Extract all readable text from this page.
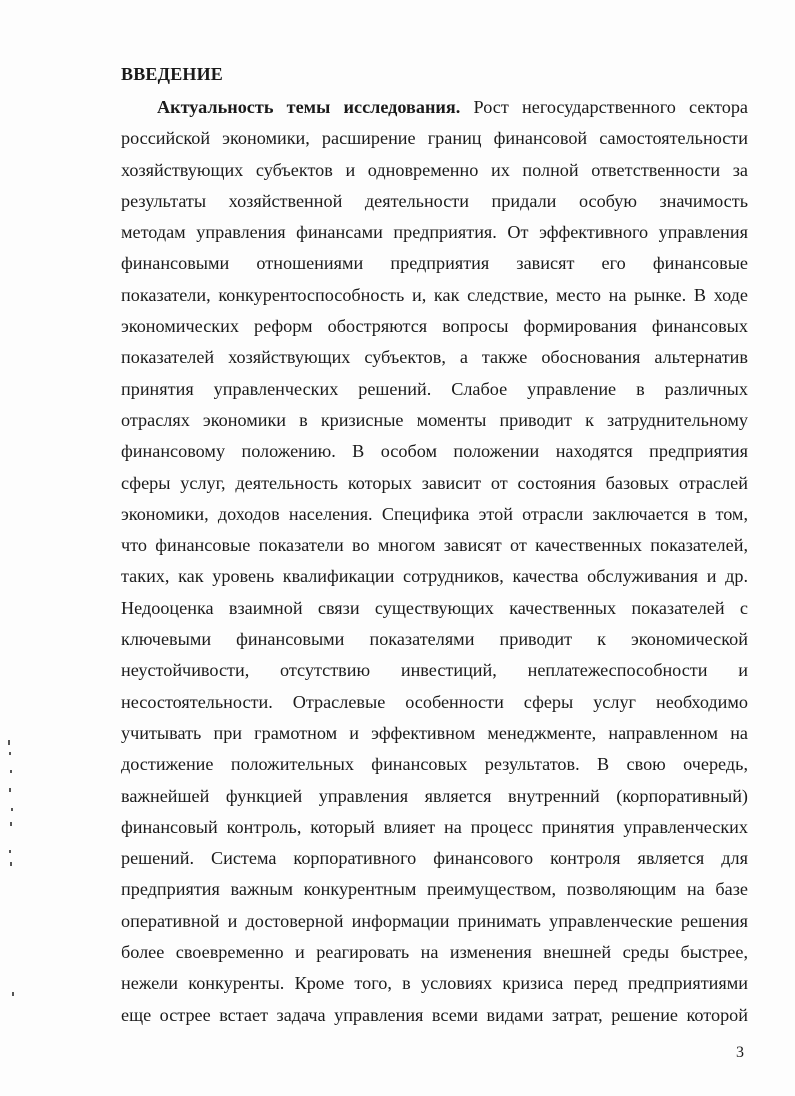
ВВЕДЕНИЕ
Актуальность темы исследования. Рост негосударственного сектора
российской экономики, расширение границ финансовой самостоятельности
хозяйствующих субъектов и одновременно их полной ответственности за
результаты хозяйственной деятельности придали особую значимость
методам управления финансами предприятия. От эффективного управления
финансовыми отношениями предприятия зависят его финансовые
показатели, конкурентоспособность и, как следствие, место на рынке. В ходе
экономических реформ обостряются вопросы формирования финансовых
показателей хозяйствующих субъектов, а также обоснования альтернатив
принятия управленческих решений. Слабое управление в различных
отраслях экономики в кризисные моменты приводит к затруднительному
финансовому положению. В особом положении находятся предприятия
сферы услуг, деятельность которых зависит от состояния базовых отраслей
экономики, доходов населения. Специфика этой отрасли заключается в том,
что финансовые показатели во многом зависят от качественных показателей,
таких, как уровень квалификации сотрудников, качества обслуживания и др.
Недооценка взаимной связи существующих качественных показателей с
ключевыми финансовыми показателями приводит к экономической
неустойчивости, отсутствию инвестиций, неплатежеспособности и
несостоятельности. Отраслевые особенности сферы услуг необходимо
учитывать при грамотном и эффективном менеджменте, направленном на
достижение положительных финансовых результатов. В свою очередь,
важнейшей функцией управления является внутренний (корпоративный)
финансовый контроль, который влияет на процесс принятия управленческих
решений. Система корпоративного финансового контроля является для
предприятия важным конкурентным преимуществом, позволяющим на базе
оперативной и достоверной информации принимать управленческие решения
более своевременно и реагировать на изменения внешней среды быстрее,
нежели конкуренты. Кроме того, в условиях кризиса перед предприятиями
еще острее встает задача управления всеми видами затрат, решение которой
3
